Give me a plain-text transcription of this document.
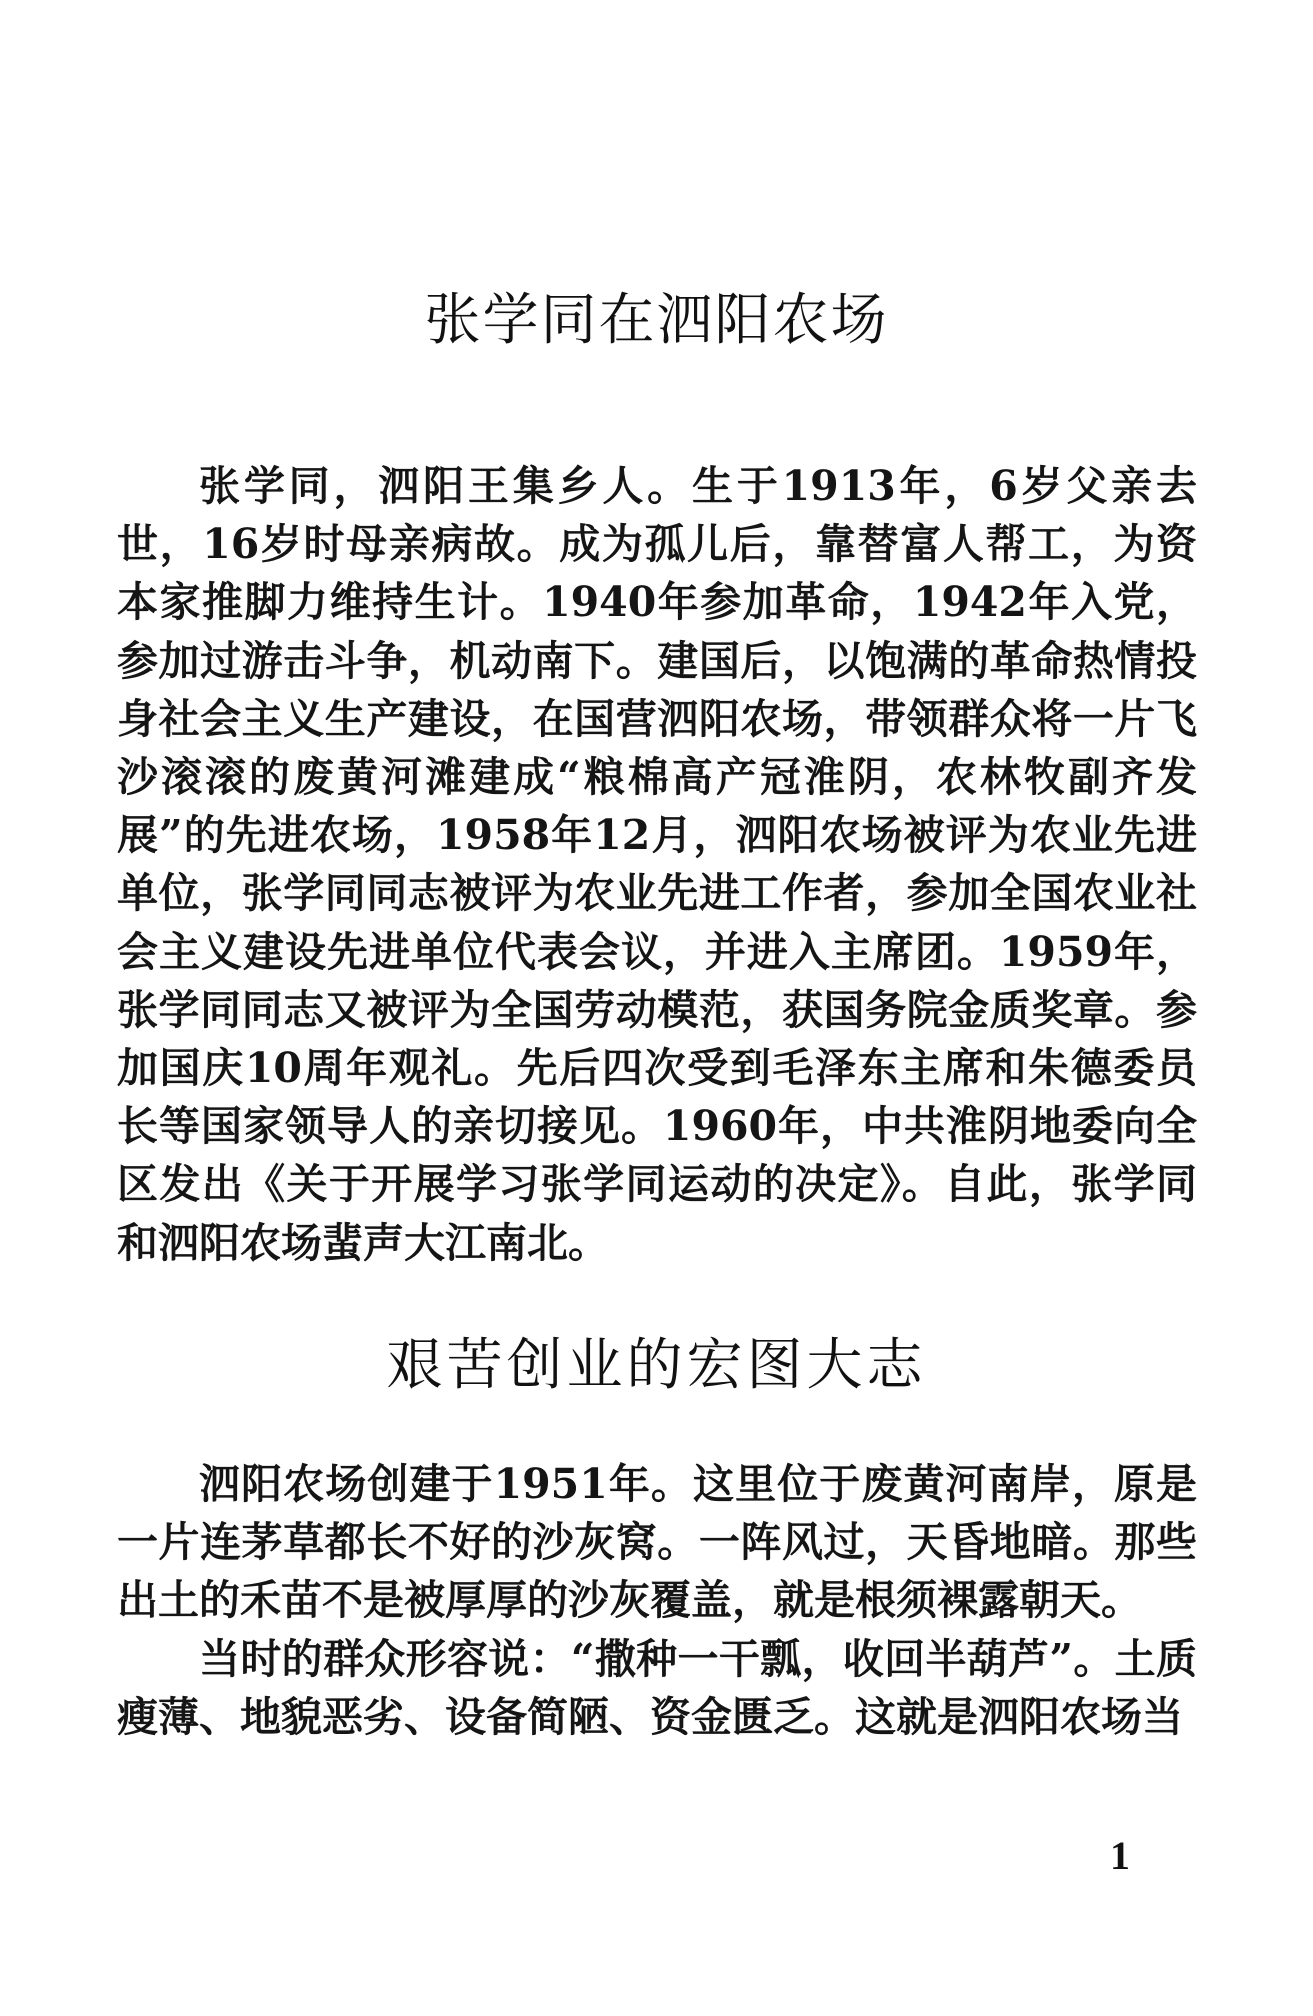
张学同在泗阳农场

张学同，泗阳王集乡人。生于1913年，6岁父亲去世，16岁时母亲病故。成为孤儿后，靠替富人帮工，为资本家推脚力维持生计。1940年参加革命，1942年入党，参加过游击斗争，机动南下。建国后，以饱满的革命热情投身社会主义生产建设，在国营泗阳农场，带领群众将一片飞沙滚滚的废黄河滩建成“粮棉高产冠淮阴，农林牧副齐发展”的先进农场，1958年12月，泗阳农场被评为农业先进单位，张学同同志被评为农业先进工作者，参加全国农业社会主义建设先进单位代表会议，并进入主席团。1959年，张学同同志又被评为全国劳动模范，获国务院金质奖章。参加国庆10周年观礼。先后四次受到毛泽东主席和朱德委员长等国家领导人的亲切接见。1960年，中共淮阴地委向全区发出《关于开展学习张学同运动的决定》。自此，张学同和泗阳农场蜚声大江南北。

艰苦创业的宏图大志

泗阳农场创建于1951年。这里位于废黄河南岸，原是一片连茅草都长不好的沙灰窝。一阵风过，天昏地暗。那些出土的禾苗不是被厚厚的沙灰覆盖，就是根须裸露朝天。

当时的群众形容说：“撒种一干瓢，收回半葫芦”。土质瘦薄、地貌恶劣、设备简陋、资金匮乏。这就是泗阳农场当

1
